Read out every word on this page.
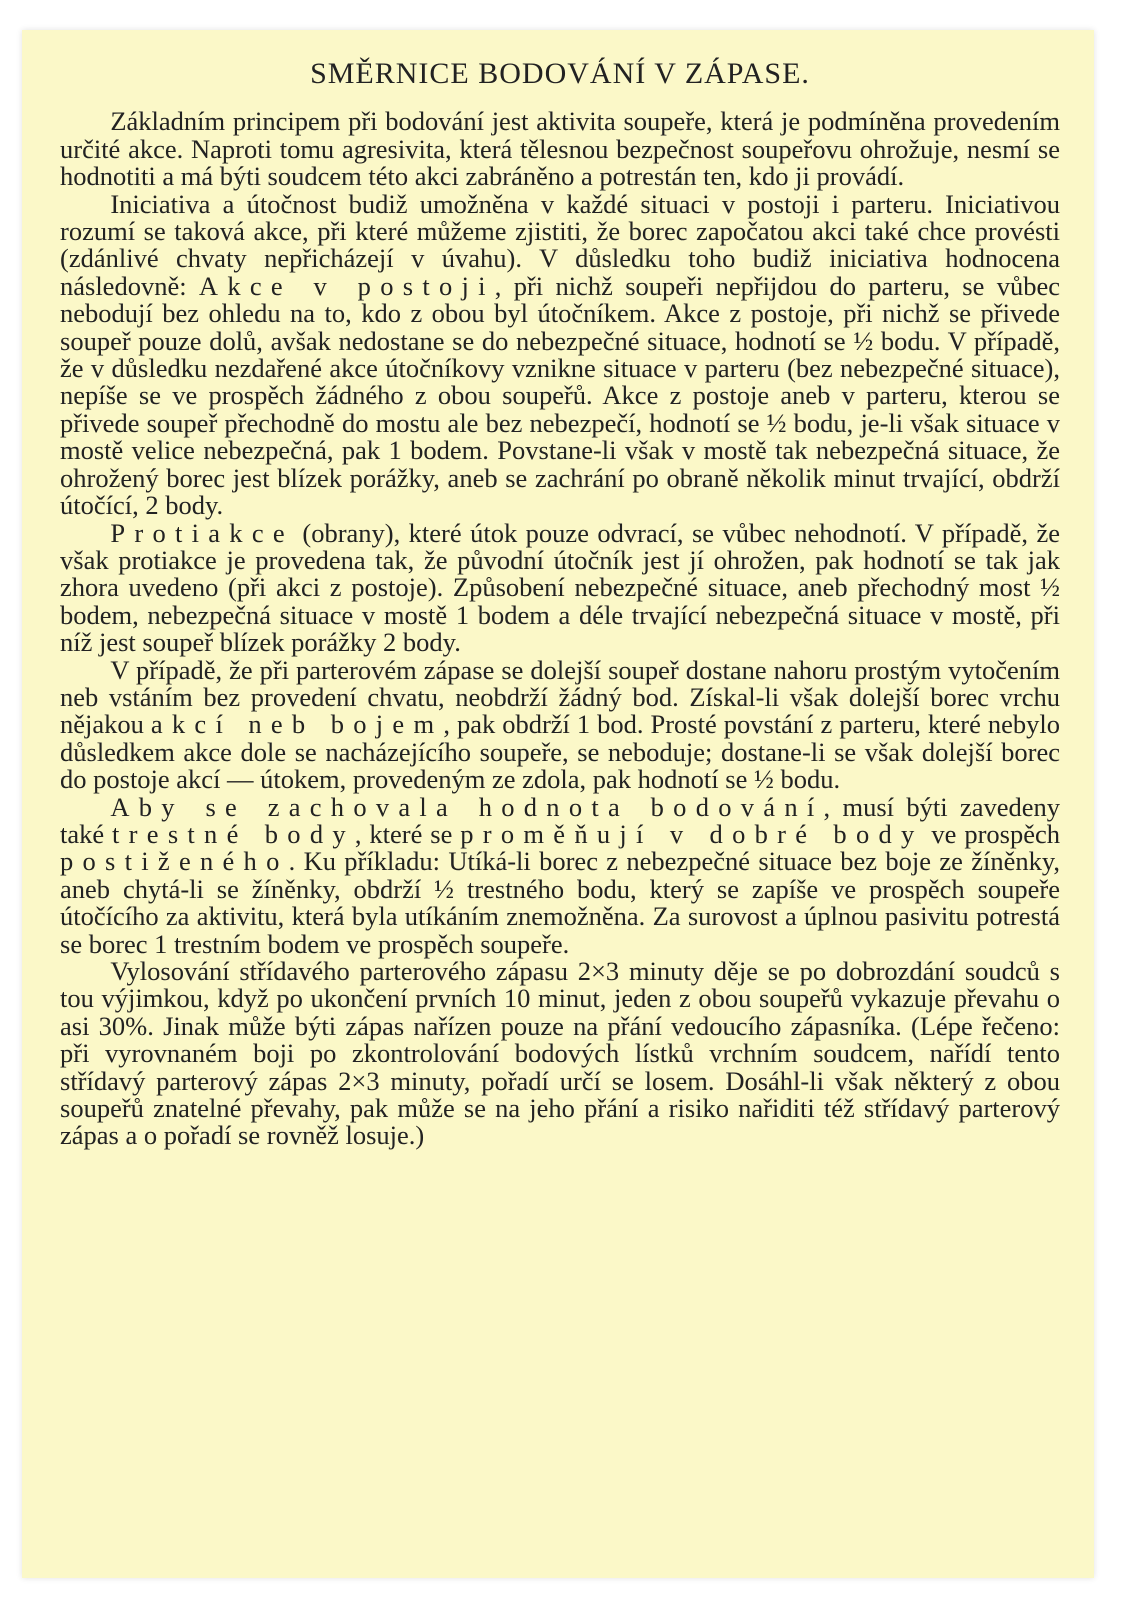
SMĚRNICE BODOVÁNÍ V ZÁPASE.

Základním principem při bodování jest aktivita soupeře, která je podmíněna provedením určité akce. Naproti tomu agresivita, která tělesnou bezpečnost soupeřovu ohrožuje, nesmí se hodnotiti a má býti soudcem této akci zabráněno a potrestán ten, kdo ji provádí.

Iniciativa a útočnost budiž umožněna v každé situaci v postoji i parteru. Iniciativou rozumí se taková akce, při které můžeme zjistiti, že borec započatou akci také chce provésti (zdánlivé chvaty nepřicházejí v úvahu). V důsledku toho budiž iniciativa hodnocena následovně: Akce v postoji, při nichž soupeři nepřijdou do parteru, se vůbec nebodují bez ohledu na to, kdo z obou byl útočníkem. Akce z postoje, při nichž se přivede soupeř pouze dolů, avšak nedostane se do nebezpečné situace, hodnotí se ½ bodu. V případě, že v důsledku nezdařené akce útočníkovy vznikne situace v parteru (bez nebezpečné situace), nepíše se ve prospěch žádného z obou soupeřů. Akce z postoje aneb v parteru, kterou se přivede soupeř přechodně do mostu ale bez nebezpečí, hodnotí se ½ bodu, je-li však situace v mostě velice nebezpečná, pak 1 bodem. Povstane-li však v mostě tak nebezpečná situace, že ohrožený borec jest blízek porážky, aneb se zachrání po obraně několik minut trvající, obdrží útočící, 2 body.

Protiakce (obrany), které útok pouze odvrací, se vůbec nehodnotí. V případě, že však protiakce je provedena tak, že původní útočník jest jí ohrožen, pak hodnotí se tak jak zhora uvedeno (při akci z postoje). Způsobení nebezpečné situace, aneb přechodný most ½ bodem, nebezpečná situace v mostě 1 bodem a déle trvající nebezpečná situace v mostě, při níž jest soupeř blízek porážky 2 body.

V případě, že při parterovém zápase se dolejší soupeř dostane nahoru prostým vytočením neb vstáním bez provedení chvatu, neobdrží žádný bod. Získal-li však dolejší borec vrchu nějakou akcí neb bojem, pak obdrží 1 bod. Prosté povstání z parteru, které nebylo důsledkem akce dole se nacházejícího soupeře, se neboduje; dostane-li se však dolejší borec do postoje akcí — útokem, provedeným ze zdola, pak hodnotí se ½ bodu.

Aby se zachovala hodnota bodování, musí býti zavedeny také trestné body, které se proměňují v dobré body ve prospěch postiženého. Ku příkladu: Utíká-li borec z nebezpečné situace bez boje ze žíněnky, aneb chytá-li se žíněnky, obdrží ½ trestného bodu, který se zapíše ve prospěch soupeře útočícího za aktivitu, která byla utíkáním znemožněna. Za surovost a úplnou pasivitu potrestá se borec 1 trestním bodem ve prospěch soupeře.

Vylosování střídavého parterového zápasu 2×3 minuty děje se po dobrozdání soudců s tou výjimkou, když po ukončení prvních 10 minut, jeden z obou soupeřů vykazuje převahu o asi 30%. Jinak může býti zápas nařízen pouze na přání vedoucího zápasníka. (Lépe řečeno: při vyrovnaném boji po zkontrolování bodových lístků vrchním soudcem, nařídí tento střídavý parterový zápas 2×3 minuty, pořadí určí se losem. Dosáhl-li však některý z obou soupeřů znatelné převahy, pak může se na jeho přání a risiko nařiditi též střídavý parterový zápas a o pořadí se rovněž losuje.)
